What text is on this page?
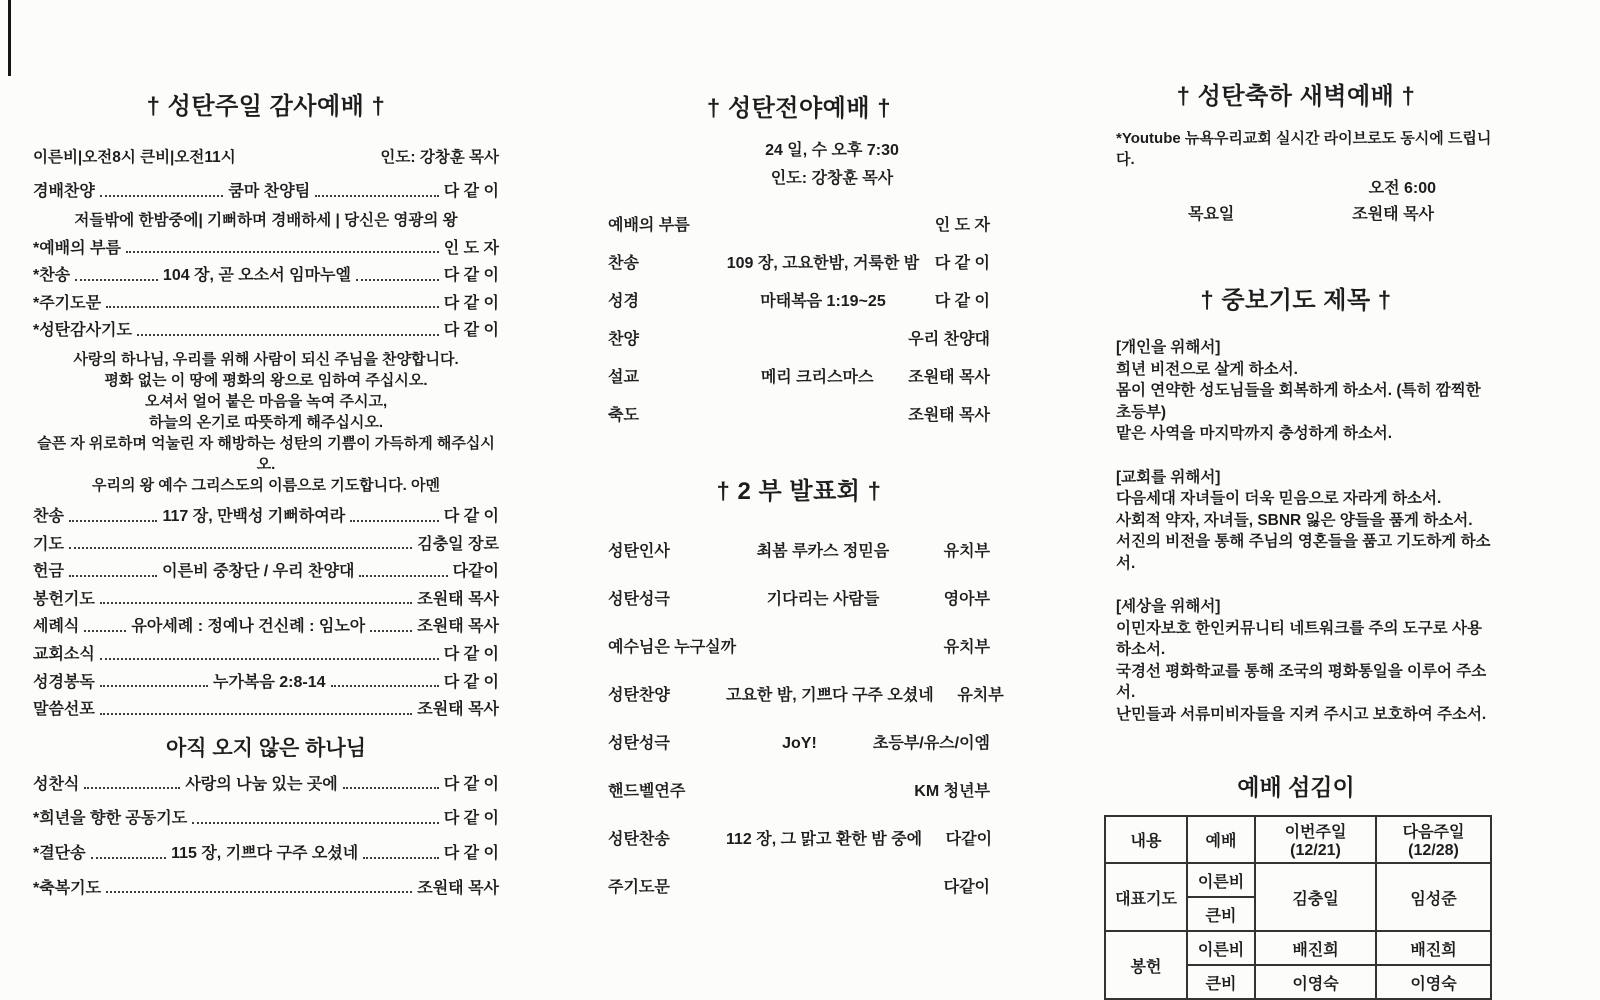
† 성탄주일 감사예배 †
이른비|오전8시 큰비|오전11시	인도: 강창훈 목사
경배찬양	쿰마 찬양팀	다 같 이
저들밖에 한밤중에| 기뻐하며 경배하세 | 당신은 영광의 왕
*예배의 부름	인 도 자
*찬송	104 장, 곧 오소서 임마누엘	다 같 이
*주기도문	다 같 이
*성탄감사기도	다 같 이
사랑의 하나님, 우리를 위해 사람이 되신 주님을 찬양합니다.
평화 없는 이 땅에 평화의 왕으로 임하여 주십시오.
오셔서 얼어 붙은 마음을 녹여 주시고,
하늘의 온기로 따뜻하게 해주십시오.
슬픈 자 위로하며 억눌린 자 해방하는 성탄의 기쁨이 가득하게 해주십시오.
우리의 왕 예수 그리스도의 이름으로 기도합니다. 아멘
찬송	117 장, 만백성 기뻐하여라	다 같 이
기도	김충일 장로
헌금	이른비 중창단 / 우리 찬양대	다같이
봉헌기도	조원태 목사
세례식	유아세례 : 정예나 건신례 : 임노아	조원태 목사
교회소식	다 같 이
성경봉독	누가복음 2:8-14	다 같 이
말씀선포	조원태 목사
아직 오지 않은 하나님
성찬식	사랑의 나눔 있는 곳에	다 같 이
*희년을 향한 공동기도	다 같 이
*결단송	115 장, 기쁘다 구주 오셨네	다 같 이
*축복기도	조원태 목사
† 성탄전야예배 †
24 일, 수 오후 7:30
인도: 강창훈 목사
예배의 부름	인 도 자
찬송	109 장, 고요한밤, 거룩한 밤 다 같 이
성경	마태복음 1:19~25	다 같 이
찬양	우리 찬양대
설교	메리 크리스마스	조원태 목사
축도	조원태 목사
† 2 부 발표회 †
성탄인사	최봄 루카스 정믿음	유치부
성탄성극	기다리는 사람들	영아부
예수님은 누구실까	유치부
성탄찬양	고요한 밤, 기쁘다 구주 오셨네	유치부
성탄성극	JoY!	초등부/유스/이엠
핸드벨연주	KM 청년부
성탄찬송	112 장, 그 맑고 환한 밤 중에	다같이
주기도문	다같이
† 성탄축하 새벽예배 †
*Youtube 뉴욕우리교회 실시간 라이브로도 동시에 드립니다.
오전 6:00
목요일	조원태 목사
† 중보기도 제목 †
[개인을 위해서]
희년 비전으로 살게 하소서.
몸이 연약한 성도님들을 회복하게 하소서. (특히 깜찍한 초등부)
맡은 사역을 마지막까지 충성하게 하소서.
[교회를 위해서]
다음세대 자녀들이 더욱 믿음으로 자라게 하소서.
사회적 약자, 자녀들, SBNR 잃은 양들을 품게 하소서.
서진의 비전을 통해 주님의 영혼들을 품고 기도하게 하소서.
[세상을 위해서]
이민자보호 한인커뮤니티 네트워크를 주의 도구로 사용하소서.
국경선 평화학교를 통해 조국의 평화통일을 이루어 주소서.
난민들과 서류미비자들을 지켜 주시고 보호하여 주소서.
예배 섬김이
내용	예배	이번주일(12/21)	다음주일(12/28)
대표기도	이른비	김충일	임성준
	큰비		
봉헌	이른비	배진희	배진희
	큰비	이영숙	이영숙
